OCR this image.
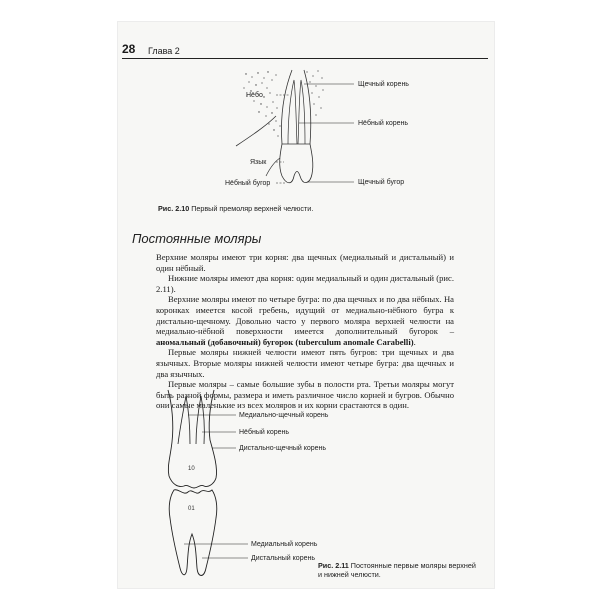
28 Глава 2
Нёбо
Язык
Нёбный бугор
Щечный корень
Нёбный корень
Щечный бугор
Рис. 2.10 Первый премоляр верхней челюсти.
Постоянные моляры

Верхние моляры имеют три корня: два щечных (медиальный и дистальный) и один нёбный.

Нижние моляры имеют два корня: один медиальный и один дистальный (рис. 2.11).

Верхние моляры имеют по четыре бугра: по два щечных и по два нёбных. На коронках имеется косой гребень, идущий от медиально-нёбного бугра к дистально-щечному. Довольно часто у первого моляра верхней челюсти на медиально-нёбной поверхности имеется дополнительный бугорок – аномальный (добавочный) бугорок (tuberculum anomale Carabelli).

Первые моляры нижней челюсти имеют пять бугров: три щечных и два язычных. Вторые моляры нижней челюсти имеют четыре бугра: два щечных и два язычных.

Первые моляры – самые большие зубы в полости рта. Третьи моляры могут быть разной формы, размера и иметь различное число корней и бугров. Обычно они самые маленькие из всех моляров и их корни срастаются в один.

10
01
Медиально-щечный корень
Нёбный корень
Дистально-щечный корень
Медиальный корень
Дистальный корень
Рис. 2.11 Постоянные первые моляры верхней и нижней челюсти.
